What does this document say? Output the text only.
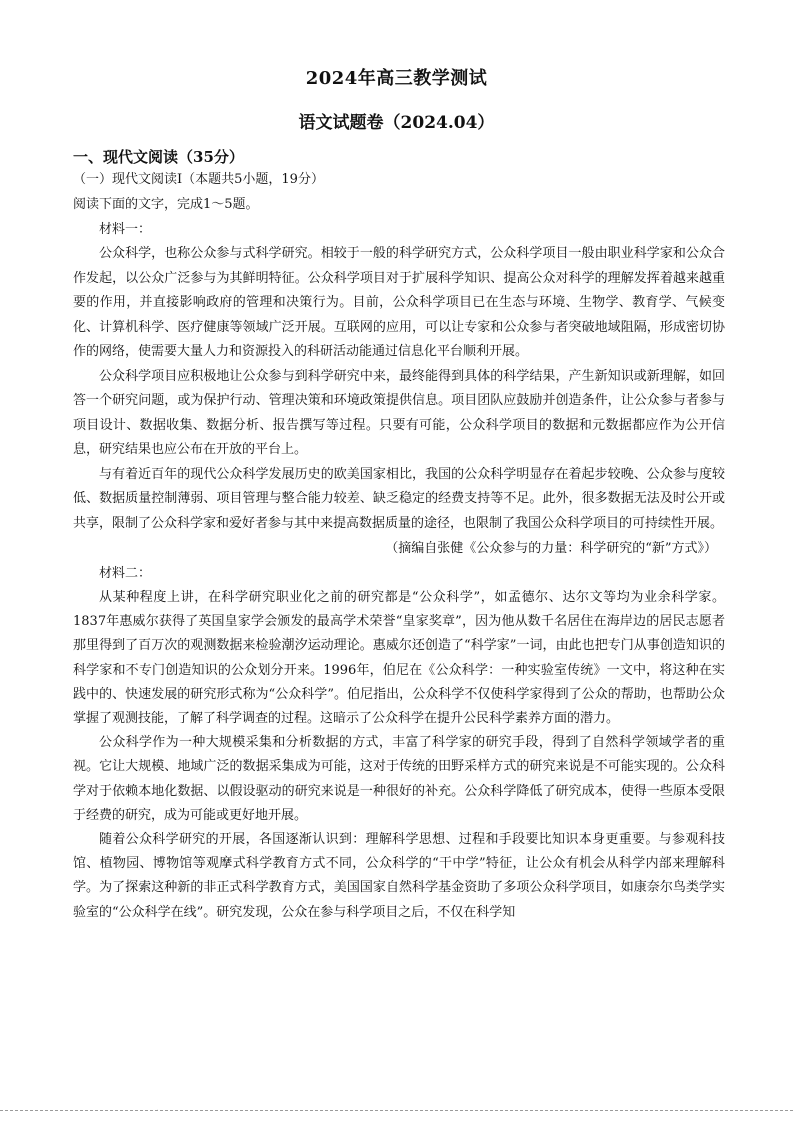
2024年高三教学测试
语文试题卷（2024.04）

一、现代文阅读（35分）

（一）现代文阅读Ⅰ（本题共5小题，19分）

阅读下面的文字，完成1～5题。

材料一：

公众科学，也称公众参与式科学研究。相较于一般的科学研究方式，公众科学项目一般由职业科学家和公众合作发起，以公众广泛参与为其鲜明特征。公众科学项目对于扩展科学知识、提高公众对科学的理解发挥着越来越重要的作用，并直接影响政府的管理和决策行为。目前，公众科学项目已在生态与环境、生物学、教育学、气候变化、计算机科学、医疗健康等领域广泛开展。互联网的应用，可以让专家和公众参与者突破地域阻隔，形成密切协作的网络，使需要大量人力和资源投入的科研活动能通过信息化平台顺利开展。

公众科学项目应积极地让公众参与到科学研究中来，最终能得到具体的科学结果，产生新知识或新理解，如回答一个研究问题，或为保护行动、管理决策和环境政策提供信息。项目团队应鼓励并创造条件，让公众参与者参与项目设计、数据收集、数据分析、报告撰写等过程。只要有可能，公众科学项目的数据和元数据都应作为公开信息，研究结果也应公布在开放的平台上。

与有着近百年的现代公众科学发展历史的欧美国家相比，我国的公众科学明显存在着起步较晚、公众参与度较低、数据质量控制薄弱、项目管理与整合能力较差、缺乏稳定的经费支持等不足。此外，很多数据无法及时公开或共享，限制了公众科学家和爱好者参与其中来提高数据质量的途径，也限制了我国公众科学项目的可持续性开展。

（摘编自张健《公众参与的力量：科学研究的“新”方式》）

材料二：

从某种程度上讲，在科学研究职业化之前的研究都是“公众科学”，如孟德尔、达尔文等均为业余科学家。1837年惠威尔获得了英国皇家学会颁发的最高学术荣誉“皇家奖章”，因为他从数千名居住在海岸边的居民志愿者那里得到了百万次的观测数据来检验潮汐运动理论。惠威尔还创造了“科学家”一词，由此也把专门从事创造知识的科学家和不专门创造知识的公众划分开来。1996年，伯尼在《公众科学：一种实验室传统》一文中，将这种在实践中的、快速发展的研究形式称为“公众科学”。伯尼指出，公众科学不仅使科学家得到了公众的帮助，也帮助公众掌握了观测技能，了解了科学调查的过程。这暗示了公众科学在提升公民科学素养方面的潜力。

公众科学作为一种大规模采集和分析数据的方式，丰富了科学家的研究手段，得到了自然科学领域学者的重视。它让大规模、地域广泛的数据采集成为可能，这对于传统的田野采样方式的研究来说是不可能实现的。公众科学对于依赖本地化数据、以假设驱动的研究来说是一种很好的补充。公众科学降低了研究成本，使得一些原本受限于经费的研究，成为可能或更好地开展。

随着公众科学研究的开展，各国逐渐认识到：理解科学思想、过程和手段要比知识本身更重要。与参观科技馆、植物园、博物馆等观摩式科学教育方式不同，公众科学的“干中学”特征，让公众有机会从科学内部来理解科学。为了探索这种新的非正式科学教育方式，美国国家自然科学基金资助了多项公众科学项目，如康奈尔鸟类学实验室的“公众科学在线”。研究发现，公众在参与科学项目之后，不仅在科学知

.
